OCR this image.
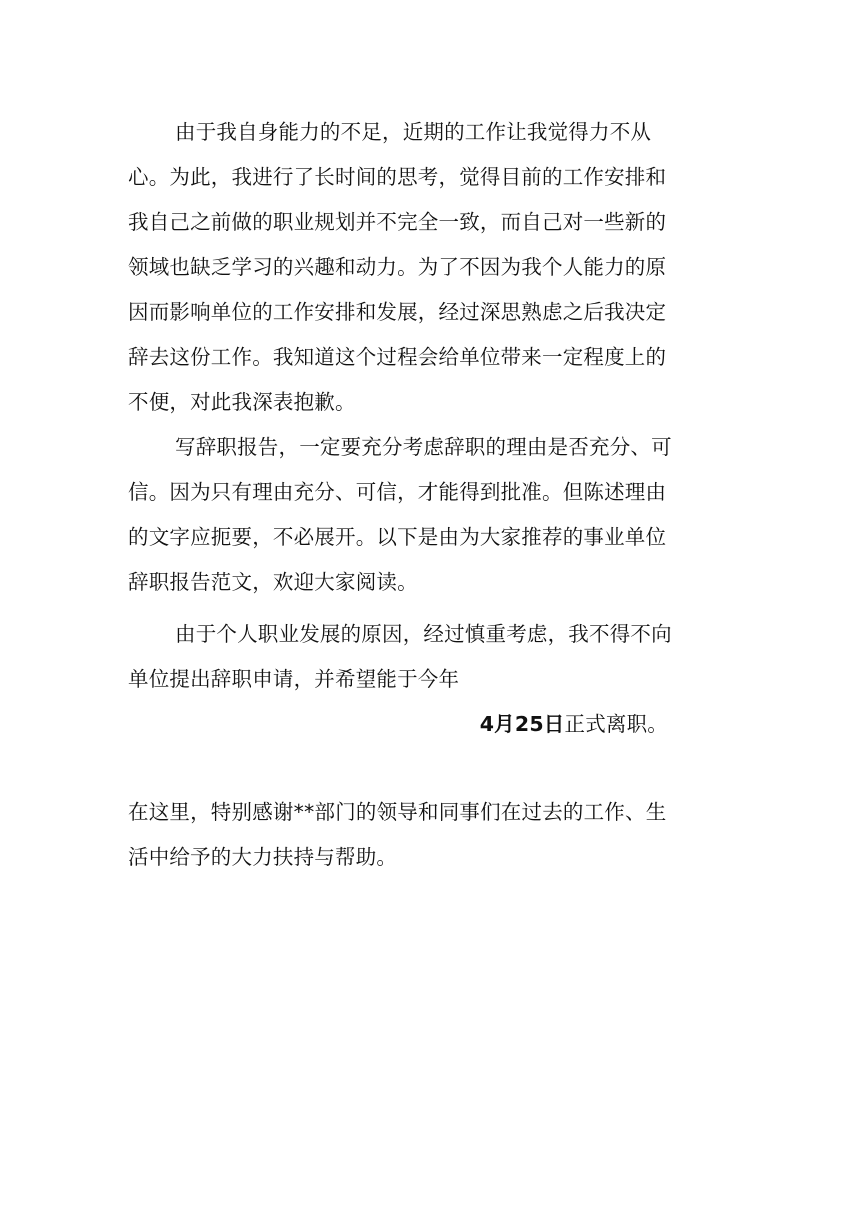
由于我自身能力的不足，近期的工作让我觉得力不从
心。为此，我进行了长时间的思考，觉得目前的工作安排和
我自己之前做的职业规划并不完全一致，而自己对一些新的
领域也缺乏学习的兴趣和动力。为了不因为我个人能力的原
因而影响单位的工作安排和发展，经过深思熟虑之后我决定
辞去这份工作。我知道这个过程会给单位带来一定程度上的
不便，对此我深表抱歉。
写辞职报告，一定要充分考虑辞职的理由是否充分、可
信。因为只有理由充分、可信，才能得到批准。但陈述理由
的文字应扼要，不必展开。以下是由为大家推荐的事业单位
辞职报告范文，欢迎大家阅读。
由于个人职业发展的原因，经过慎重考虑，我不得不向
单位提出辞职申请，并希望能于今年
4月25日正式离职。
在这里，特别感谢**部门的领导和同事们在过去的工作、生
活中给予的大力扶持与帮助。
